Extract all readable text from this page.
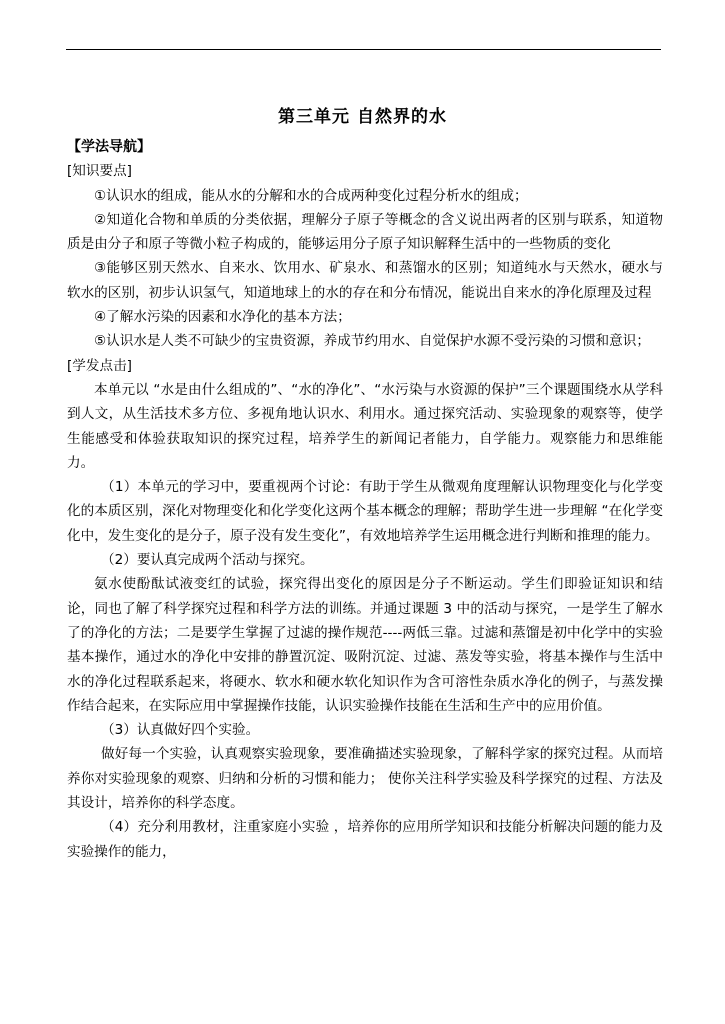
第三单元 自然界的水

【学法导航】

[知识要点]

①认识水的组成，能从水的分解和水的合成两种变化过程分析水的组成；

②知道化合物和单质的分类依据，理解分子原子等概念的含义说出两者的区别与联系，知道物质是由分子和原子等微小粒子构成的，能够运用分子原子知识解释生活中的一些物质的变化

③能够区别天然水、自来水、饮用水、矿泉水、和蒸馏水的区别；知道纯水与天然水，硬水与软水的区别，初步认识氢气，知道地球上的水的存在和分布情况，能说出自来水的净化原理及过程

④了解水污染的因素和水净化的基本方法；

⑤认识水是人类不可缺少的宝贵资源，养成节约用水、自觉保护水源不受污染的习惯和意识；

[学发点击]

本单元以 “水是由什么组成的”、“水的净化”、“水污染与水资源的保护”三个课题围绕水从学科到人文，从生活技术多方位、多视角地认识水、利用水。通过探究活动、实验现象的观察等，使学生能感受和体验获取知识的探究过程，培养学生的新闻记者能力，自学能力。观察能力和思维能力。

（1）本单元的学习中，要重视两个讨论：有助于学生从微观角度理解认识物理变化与化学变化的本质区别，深化对物理变化和化学变化这两个基本概念的理解；帮助学生进一步理解 “在化学变化中，发生变化的是分子，原子没有发生变化”，有效地培养学生运用概念进行判断和推理的能力。

（2）要认真完成两个活动与探究。

氨水使酚酞试液变红的试验，探究得出变化的原因是分子不断运动。学生们即验证知识和结论，同也了解了科学探究过程和科学方法的训练。并通过课题 3 中的活动与探究，一是学生了解水了的净化的方法；二是要学生掌握了过滤的操作规范----两低三靠。过滤和蒸馏是初中化学中的实验基本操作，通过水的净化中安排的静置沉淀、吸附沉淀、过滤、蒸发等实验，将基本操作与生活中水的净化过程联系起来，将硬水、软水和硬水软化知识作为含可溶性杂质水净化的例子，与蒸发操作结合起来，在实际应用中掌握操作技能，认识实验操作技能在生活和生产中的应用价值。

（3）认真做好四个实验。

做好每一个实验，认真观察实验现象，要准确描述实验现象，了解科学家的探究过程。从而培养你对实验现象的观察、归纳和分析的习惯和能力； 使你关注科学实验及科学探究的过程、方法及其设计，培养你的科学态度。

（4）充分利用教材，注重家庭小实验 ，培养你的应用所学知识和技能分析解决问题的能力及实验操作的能力，
